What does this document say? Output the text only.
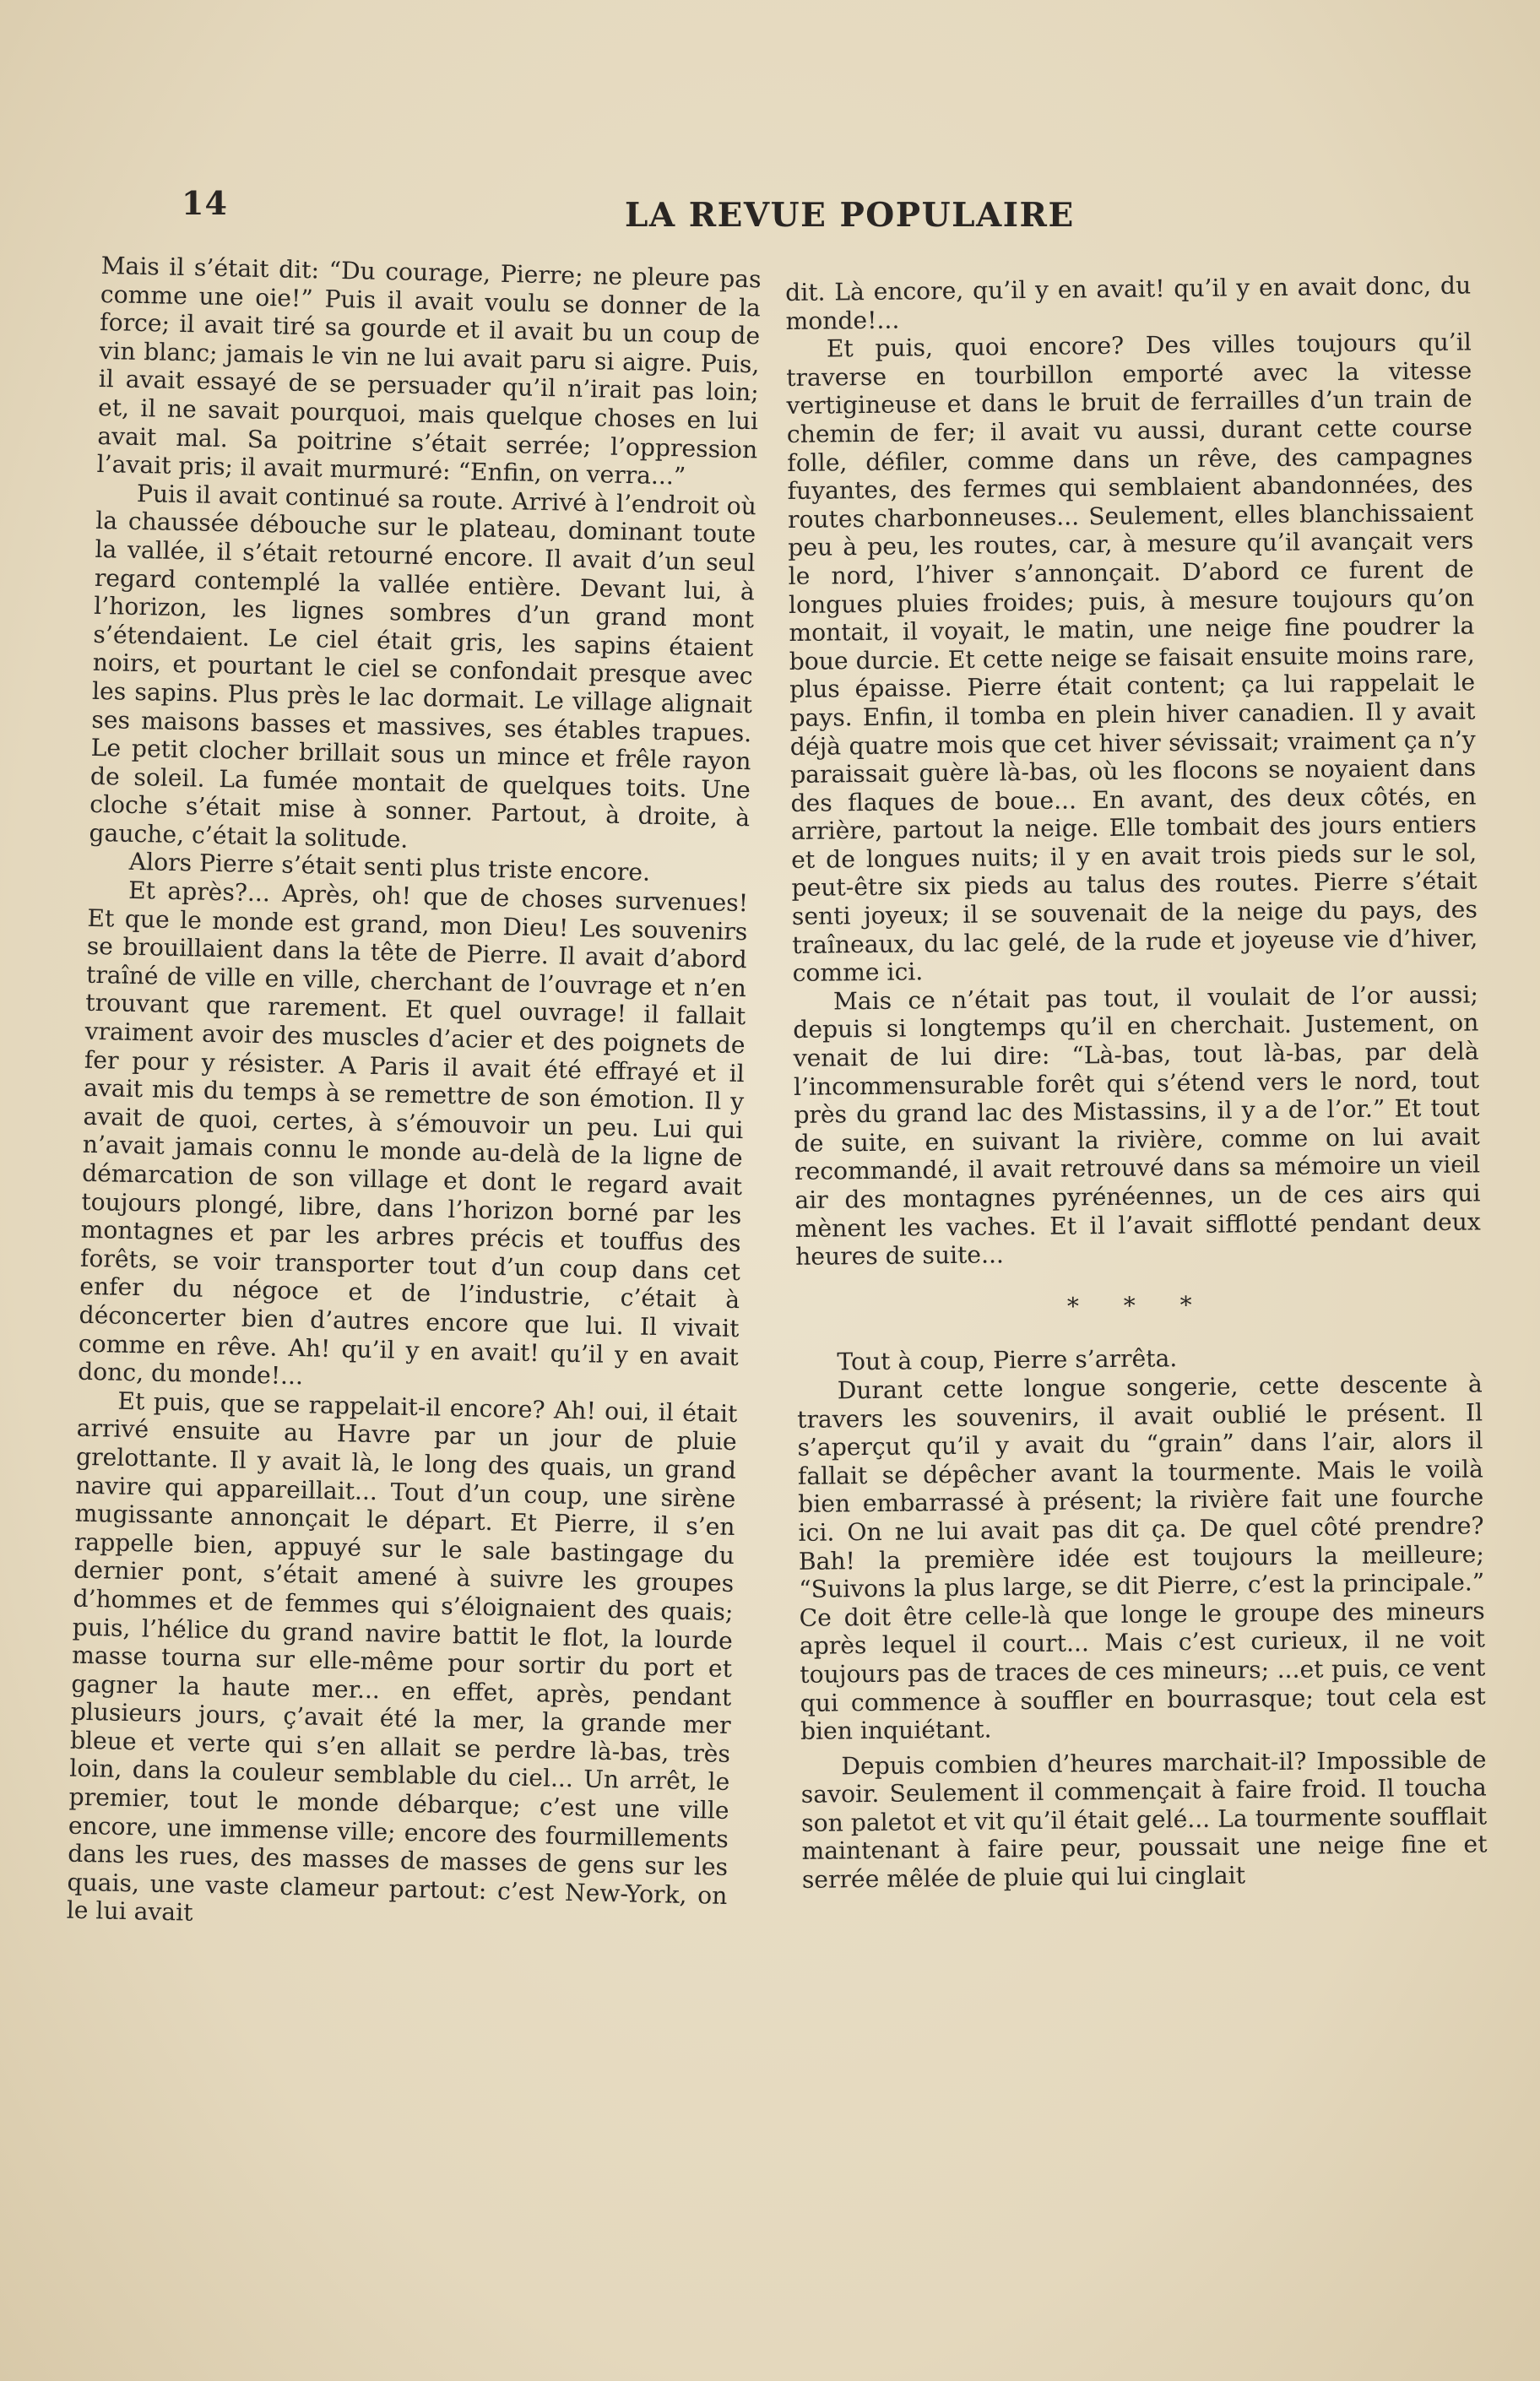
14	LA REVUE POPULAIRE

Mais il s’était dit: “Du courage, Pierre; ne pleure pas comme une oie!” Puis il avait voulu se donner de la force; il avait tiré sa gourde et il avait bu un coup de vin blanc; jamais le vin ne lui avait paru si aigre. Puis, il avait essayé de se persuader qu’il n’irait pas loin; et, il ne savait pourquoi, mais quelque choses en lui avait mal. Sa poitrine s’était serrée; l’oppression l’avait pris; il avait murmuré: “Enfin, on verra...”

Puis il avait continué sa route. Arrivé à l’endroit où la chaussée débouche sur le plateau, dominant toute la vallée, il s’était retourné encore. Il avait d’un seul regard contemplé la vallée entière. Devant lui, à l’horizon, les lignes sombres d’un grand mont s’étendaient. Le ciel était gris, les sapins étaient noirs, et pourtant le ciel se confondait presque avec les sapins. Plus près le lac dormait. Le village alignait ses maisons basses et massives, ses étables trapues. Le petit clocher brillait sous un mince et frêle rayon de soleil. La fumée montait de quelques toits. Une cloche s’était mise à sonner. Partout, à droite, à gauche, c’était la solitude.

Alors Pierre s’était senti plus triste encore.

Et après?... Après, oh! que de choses survenues! Et que le monde est grand, mon Dieu! Les souvenirs se brouillaient dans la tête de Pierre. Il avait d’abord traîné de ville en ville, cherchant de l’ouvrage et n’en trouvant que rarement. Et quel ouvrage! il fallait vraiment avoir des muscles d’acier et des poignets de fer pour y résister. A Paris il avait été effrayé et il avait mis du temps à se remettre de son émotion. Il y avait de quoi, certes, à s’émouvoir un peu. Lui qui n’avait jamais connu le monde au-delà de la ligne de démarcation de son village et dont le regard avait toujours plongé, libre, dans l’horizon borné par les montagnes et par les arbres précis et touffus des forêts, se voir transporter tout d’un coup dans cet enfer du négoce et de l’industrie, c’était à déconcerter bien d’autres encore que lui. Il vivait comme en rêve. Ah! qu’il y en avait! qu’il y en avait donc, du monde!...

Et puis, que se rappelait-il encore? Ah! oui, il était arrivé ensuite au Havre par un jour de pluie grelottante. Il y avait là, le long des quais, un grand navire qui appareillait... Tout d’un coup, une sirène mugissante annonçait le départ. Et Pierre, il s’en rappelle bien, appuyé sur le sale bastingage du dernier pont, s’était amené à suivre les groupes d’hommes et de femmes qui s’éloignaient des quais; puis, l’hélice du grand navire battit le flot, la lourde masse tourna sur elle-même pour sortir du port et gagner la haute mer... en effet, après, pendant plusieurs jours, ç’avait été la mer, la grande mer bleue et verte qui s’en allait se perdre là-bas, très loin, dans la couleur semblable du ciel... Un arrêt, le premier, tout le monde débarque; c’est une ville encore, une immense ville; encore des fourmillements dans les rues, des masses de masses de gens sur les quais, une vaste clameur partout: c’est New-York, on le lui avait

dit. Là encore, qu’il y en avait! qu’il y en avait donc, du monde!...

Et puis, quoi encore? Des villes toujours qu’il traverse en tourbillon emporté avec la vitesse vertigineuse et dans le bruit de ferrailles d’un train de chemin de fer; il avait vu aussi, durant cette course folle, défiler, comme dans un rêve, des campagnes fuyantes, des fermes qui semblaient abandonnées, des routes charbonneuses... Seulement, elles blanchissaient peu à peu, les routes, car, à mesure qu’il avançait vers le nord, l’hiver s’annonçait. D’abord ce furent de longues pluies froides; puis, à mesure toujours qu’on montait, il voyait, le matin, une neige fine poudrer la boue durcie. Et cette neige se faisait ensuite moins rare, plus épaisse. Pierre était content; ça lui rappelait le pays. Enfin, il tomba en plein hiver canadien. Il y avait déjà quatre mois que cet hiver sévissait; vraiment ça n’y paraissait guère là-bas, où les flocons se noyaient dans des flaques de boue... En avant, des deux côtés, en arrière, partout la neige. Elle tombait des jours entiers et de longues nuits; il y en avait trois pieds sur le sol, peut-être six pieds au talus des routes. Pierre s’était senti joyeux; il se souvenait de la neige du pays, des traîneaux, du lac gelé, de la rude et joyeuse vie d’hiver, comme ici.

Mais ce n’était pas tout, il voulait de l’or aussi; depuis si longtemps qu’il en cherchait. Justement, on venait de lui dire: “Là-bas, tout là-bas, par delà l’incommensurable forêt qui s’étend vers le nord, tout près du grand lac des Mistassins, il y a de l’or.” Et tout de suite, en suivant la rivière, comme on lui avait recommandé, il avait retrouvé dans sa mémoire un vieil air des montagnes pyrénéennes, un de ces airs qui mènent les vaches. Et il l’avait sifflotté pendant deux heures de suite...

* * *

Tout à coup, Pierre s’arrêta.

Durant cette longue songerie, cette descente à travers les souvenirs, il avait oublié le présent. Il s’aperçut qu’il y avait du “grain” dans l’air, alors il fallait se dépêcher avant la tourmente. Mais le voilà bien embarrassé à présent; la rivière fait une fourche ici. On ne lui avait pas dit ça. De quel côté prendre? Bah! la première idée est toujours la meilleure; “Suivons la plus large, se dit Pierre, c’est la principale.” Ce doit être celle-là que longe le groupe des mineurs après lequel il court... Mais c’est curieux, il ne voit toujours pas de traces de ces mineurs; ...et puis, ce vent qui commence à souffler en bourrasque; tout cela est bien inquiétant.

Depuis combien d’heures marchait-il? Impossible de savoir. Seulement il commençait à faire froid. Il toucha son paletot et vit qu’il était gelé... La tourmente soufflait maintenant à faire peur, poussait une neige fine et serrée mêlée de pluie qui lui cinglait
